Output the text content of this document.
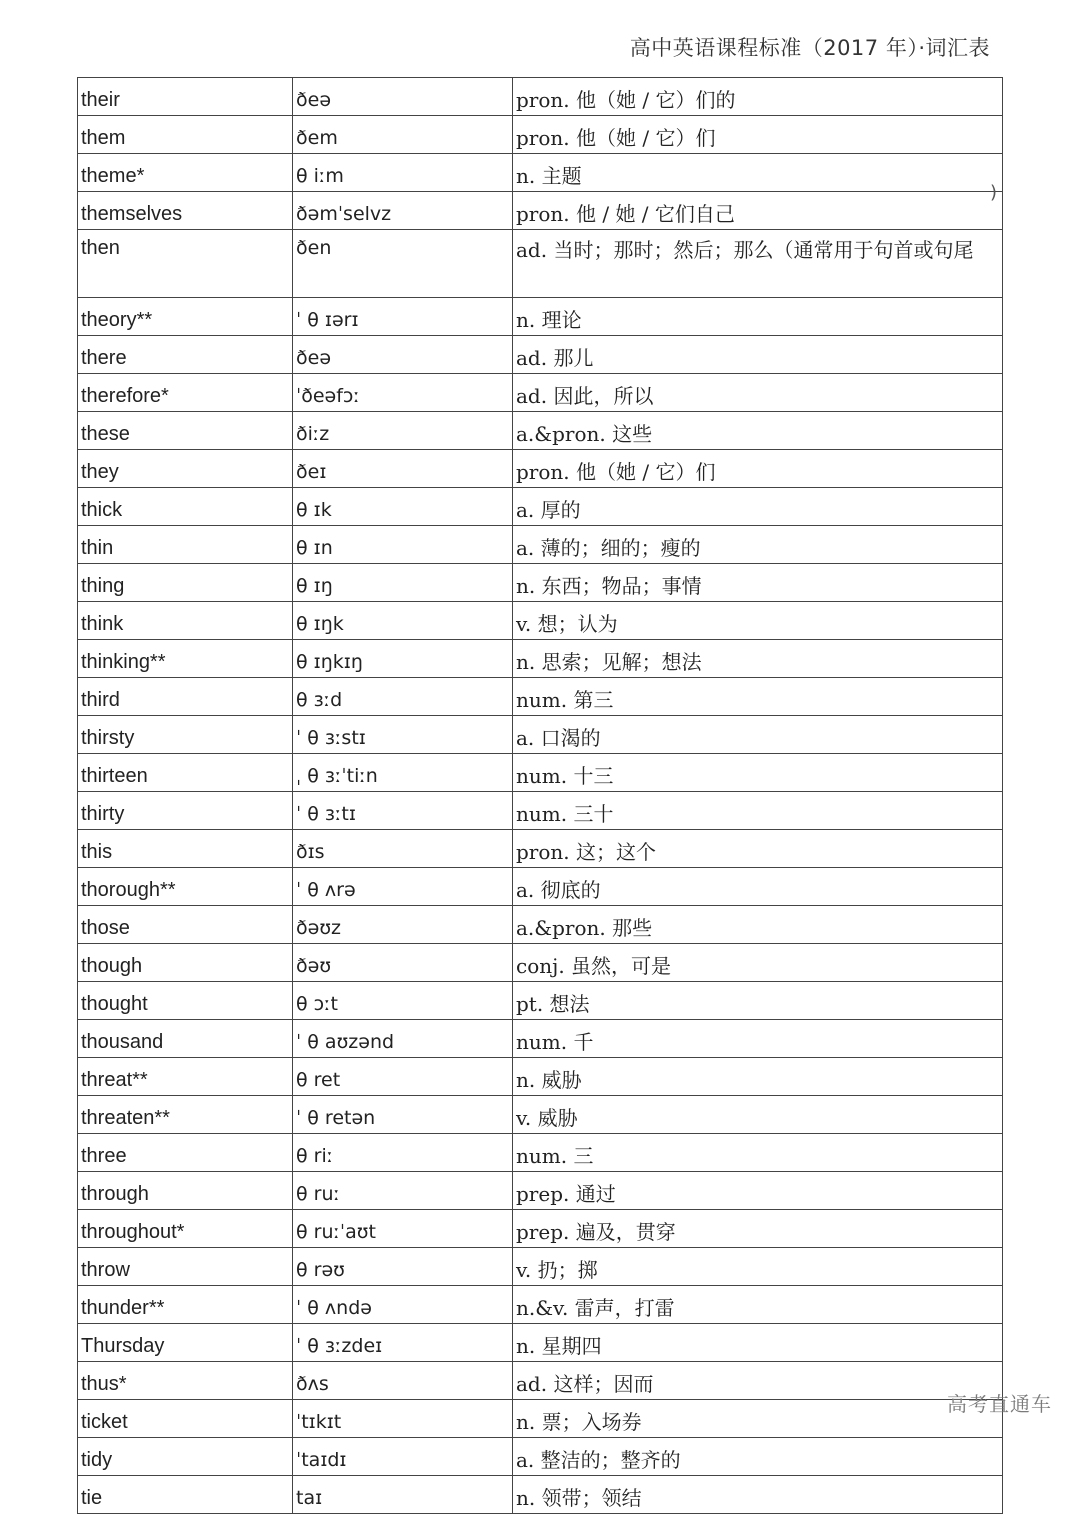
高中英语课程标准（2017 年）·词汇表
their	ðeə	pron. 他（她 / 它）们的
them	ðem	pron. 他（她 / 它）们
theme*	θ iːm	n. 主题
themselves	ðəmˈselvz	pron. 他 / 她 / 它们自己
then	ðen	ad. 当时；那时；然后；那么（通常用于句首或句尾
theory**	ˈ θ ɪərɪ	n. 理论
there	ðeə	ad. 那儿
therefore*	ˈðeəfɔː	ad. 因此，所以
these	ðiːz	a.&pron. 这些
they	ðeɪ	pron. 他（她 / 它）们
thick	θ ɪk	a. 厚的
thin	θ ɪn	a. 薄的；细的；瘦的
thing	θ ɪŋ	n. 东西；物品；事情
think	θ ɪŋk	v. 想；认为
thinking**	θ ɪŋkɪŋ	n. 思索；见解；想法
third	θ ɜːd	num. 第三
thirsty	ˈ θ ɜːstɪ	a. 口渴的
thirteen	ˌ θ ɜːˈtiːn	num. 十三
thirty	ˈ θ ɜːtɪ	num. 三十
this	ðɪs	pron. 这；这个
thorough**	ˈ θ ʌrə	a. 彻底的
those	ðəʊz	a.&pron. 那些
though	ðəʊ	conj. 虽然，可是
thought	θ ɔːt	pt. 想法
thousand	ˈ θ aʊzənd	num. 千
threat**	θ ret	n. 威胁
threaten**	ˈ θ retən	v. 威胁
three	θ riː	num. 三
through	θ ruː	prep. 通过
throughout*	θ ruːˈaʊt	prep. 遍及，贯穿
throw	θ rəʊ	v. 扔；掷
thunder**	ˈ θ ʌndə	n.&v. 雷声，打雷
Thursday	ˈ θ ɜːzdeɪ	n. 星期四
thus*	ðʌs	ad. 这样；因而
ticket	ˈtɪkɪt	n. 票；入场券
tidy	ˈtaɪdɪ	a. 整洁的；整齐的
tie	taɪ	n. 领带；领结
)
高考直通车
